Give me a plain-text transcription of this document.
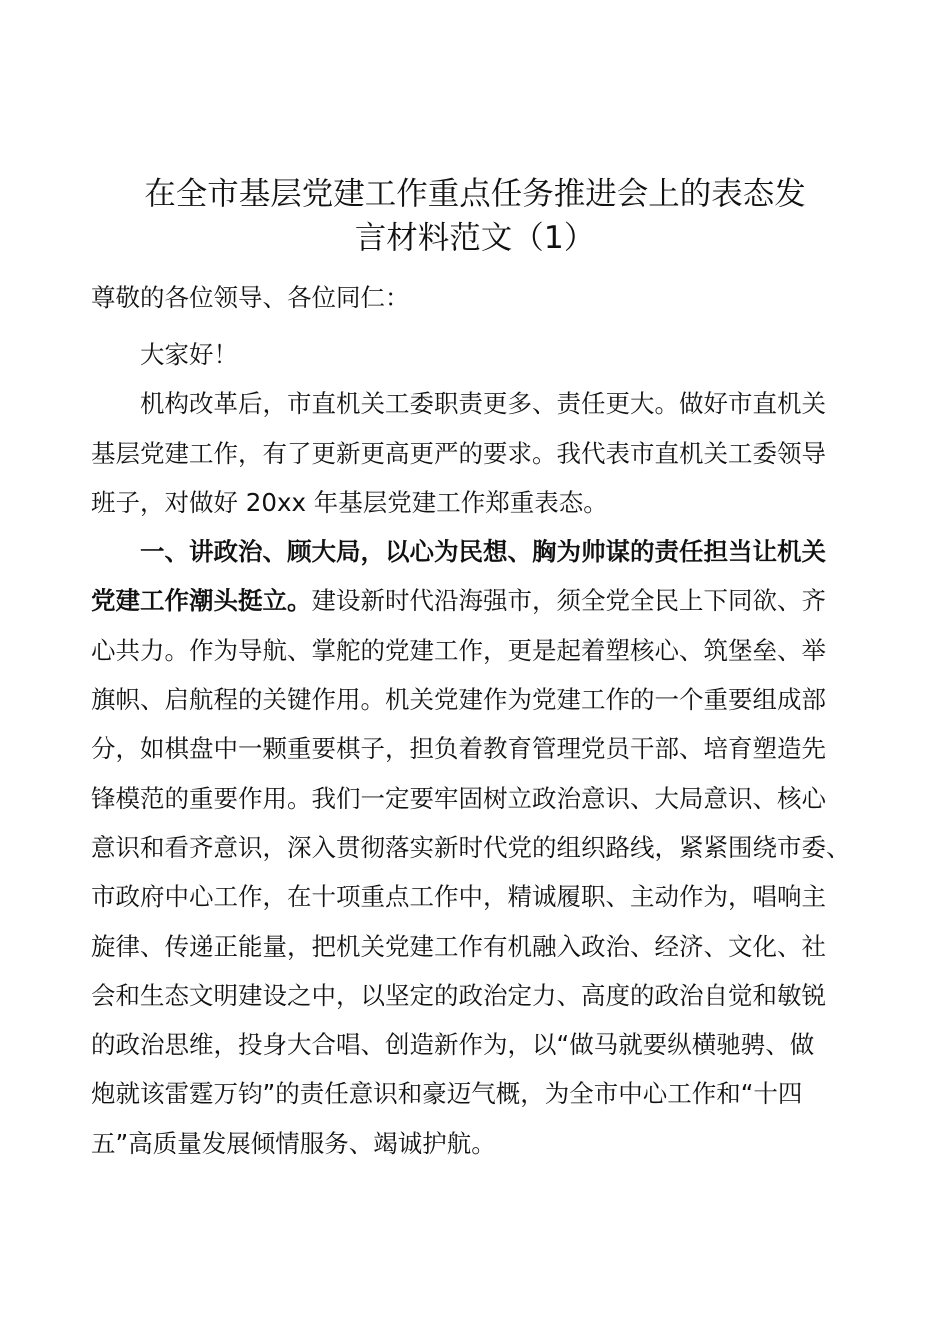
在全市基层党建工作重点任务推进会上的表态发
言材料范文（1）
尊敬的各位领导、各位同仁：
大家好！
机构改革后，市直机关工委职责更多、责任更大。做好市直机关
基层党建工作，有了更新更高更严的要求。我代表市直机关工委领导
班子，对做好 20xx 年基层党建工作郑重表态。
一、讲政治、顾大局，以心为民想、胸为帅谋的责任担当让机关
党建工作潮头挺立。建设新时代沿海强市，须全党全民上下同欲、齐
心共力。作为导航、掌舵的党建工作，更是起着塑核心、筑堡垒、举
旗帜、启航程的关键作用。机关党建作为党建工作的一个重要组成部
分，如棋盘中一颗重要棋子，担负着教育管理党员干部、培育塑造先
锋模范的重要作用。我们一定要牢固树立政治意识、大局意识、核心
意识和看齐意识，深入贯彻落实新时代党的组织路线，紧紧围绕市委、
市政府中心工作，在十项重点工作中，精诚履职、主动作为，唱响主
旋律、传递正能量，把机关党建工作有机融入政治、经济、文化、社
会和生态文明建设之中，以坚定的政治定力、高度的政治自觉和敏锐
的政治思维，投身大合唱、创造新作为，以“做马就要纵横驰骋、做
炮就该雷霆万钧”的责任意识和豪迈气概，为全市中心工作和“十四
五”高质量发展倾情服务、竭诚护航。
